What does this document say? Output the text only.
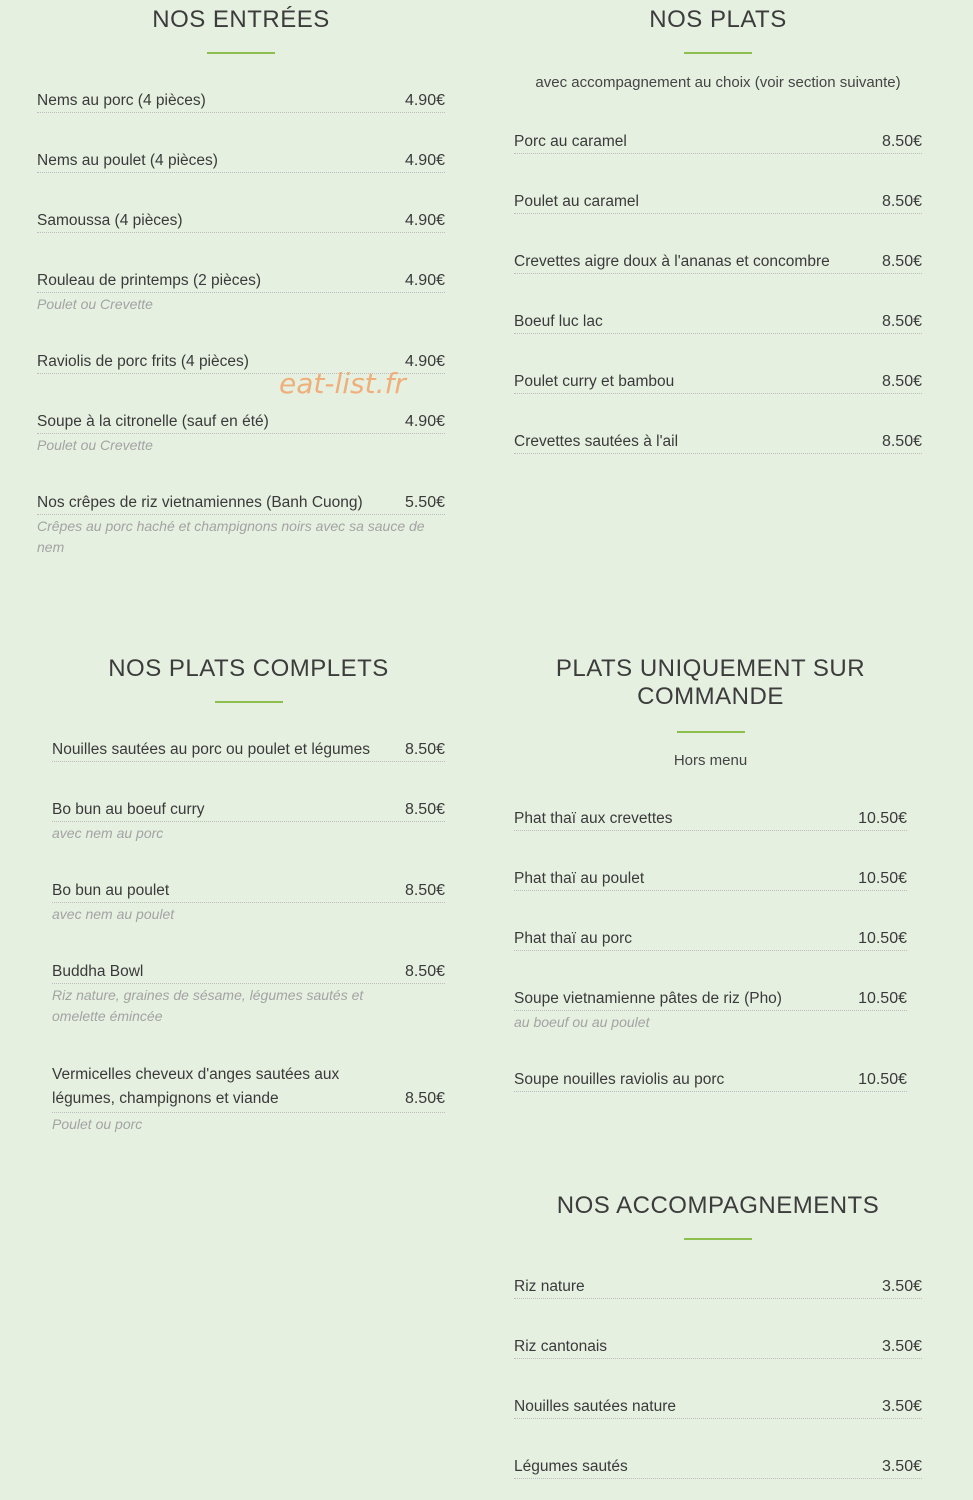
NOS ENTRÉES
Nems au porc (4 pièces)	4.90€
Nems au poulet (4 pièces)	4.90€
Samoussa (4 pièces)	4.90€
Rouleau de printemps (2 pièces)	4.90€
Poulet ou Crevette
Raviolis de porc frits (4 pièces)	4.90€
Soupe à la citronelle (sauf en été)	4.90€
Poulet ou Crevette
Nos crêpes de riz vietnamiennes (Banh Cuong)	5.50€
Crêpes au porc haché et champignons noirs avec sa sauce de nem
NOS PLATS
avec accompagnement au choix (voir section suivante)
Porc au caramel	8.50€
Poulet au caramel	8.50€
Crevettes aigre doux à l'ananas et concombre	8.50€
Boeuf luc lac	8.50€
Poulet curry et bambou	8.50€
Crevettes sautées à l'ail	8.50€
NOS PLATS COMPLETS
Nouilles sautées au porc ou poulet et légumes 8.50€
Bo bun au boeuf curry	8.50€
avec nem au porc
Bo bun au poulet	8.50€
avec nem au poulet
Buddha Bowl	8.50€
Riz nature, graines de sésame, légumes sautés et omelette émincée
Vermicelles cheveux d'anges sautées aux légumes, champignons et viande	8.50€
Poulet ou porc
PLATS UNIQUEMENT SUR COMMANDE
Hors menu
Phat thaï aux crevettes	10.50€
Phat thaï au poulet	10.50€
Phat thaï au porc	10.50€
Soupe vietnamienne pâtes de riz (Pho)	10.50€
au boeuf ou au poulet
Soupe nouilles raviolis au porc	10.50€
NOS ACCOMPAGNEMENTS
Riz nature	3.50€
Riz cantonais	3.50€
Nouilles sautées nature	3.50€
Légumes sautés	3.50€
eat-list.fr
